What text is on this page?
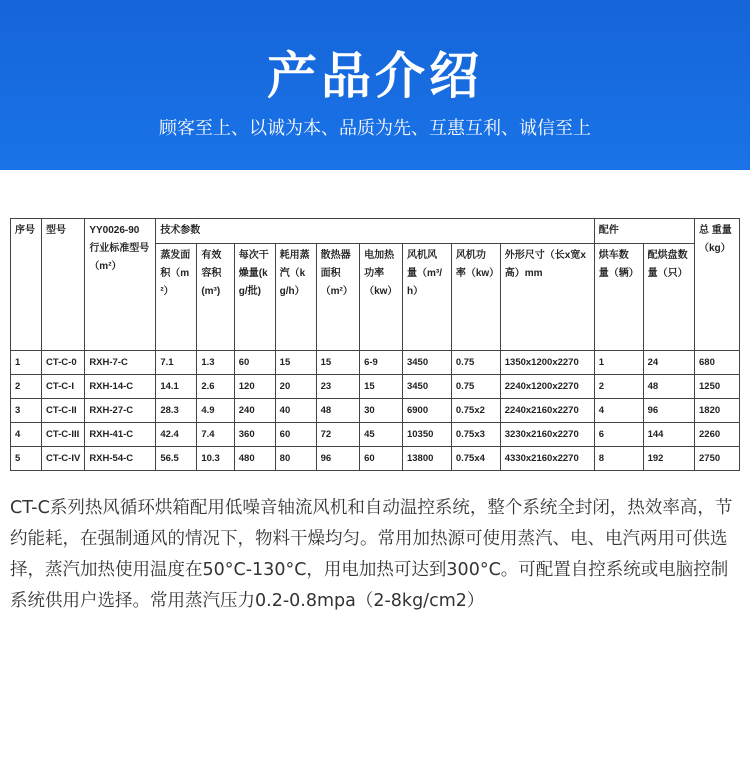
产品介绍
顾客至上、以诚为本、品质为先、互惠互利、诚信至上
序号	型号	YY0026-90 行业标准型号（m²）	技术参数									配件		总 重量（kg）
			蒸发面积（m²）	有效容积(m³)	每次干燥量(kg/批)	耗用蒸汽（kg/h）	散热器面积（m²）	电加热功率（kw）	风机风量（m³/h）	风机功率（kw）	外形尺寸（长x宽x高）mm	烘车数量（辆）	配烘盘数量（只）	
1	CT-C-0	RXH-7-C	7.1	1.3	60	15	15	6-9	3450	0.75	1350x1200x2270	1	24	680
2	CT-C-I	RXH-14-C	14.1	2.6	120	20	23	15	3450	0.75	2240x1200x2270	2	48	1250
3	CT-C-II	RXH-27-C	28.3	4.9	240	40	48	30	6900	0.75x2	2240x2160x2270	4	96	1820
4	CT-C-III	RXH-41-C	42.4	7.4	360	60	72	45	10350	0.75x3	3230x2160x2270	6	144	2260
5	CT-C-IV	RXH-54-C	56.5	10.3	480	80	96	60	13800	0.75x4	4330x2160x2270	8	192	2750
CT-C系列热风循环烘箱配用低噪音轴流风机和自动温控系统，整个系统全封闭，热效率高，节约能耗，在强制通风的情况下，物料干燥均匀。常用加热源可使用蒸汽、电、电汽两用可供选择，蒸汽加热使用温度在50°C-130°C，用电加热可达到300°C。可配置自控系统或电脑控制系统供用户选择。常用蒸汽压力0.2-0.8mpa（2-8kg/cm2）
